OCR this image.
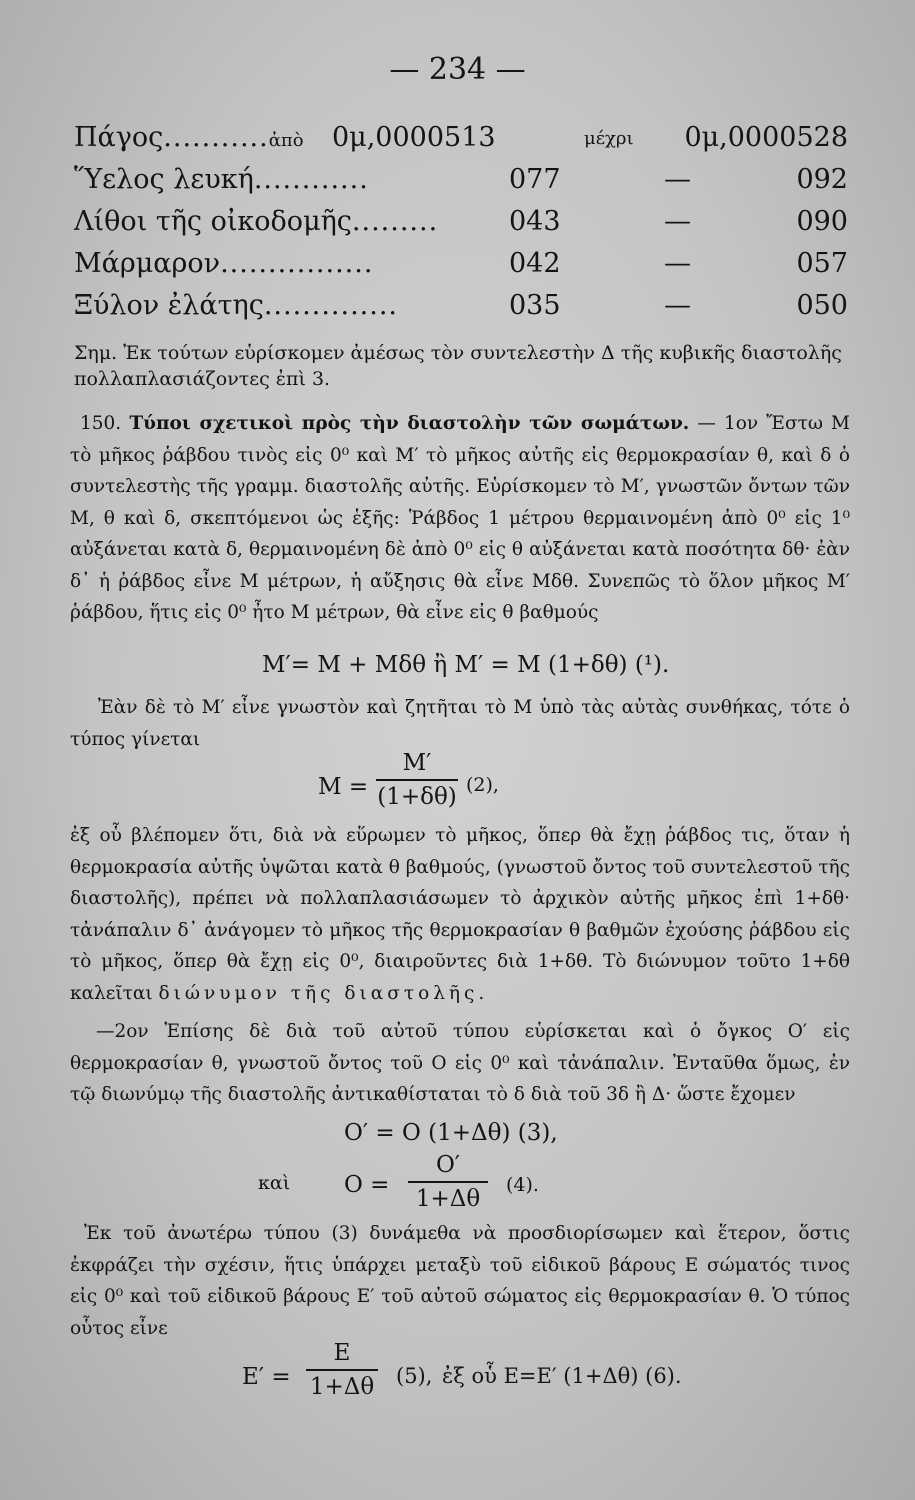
— 234 —
Πάγος...........ἀπὸ 0μ,0000513	μέχρι 0μ,0000528
Ὕελος λευκή............	077	—	092
Λίθοι τῆς οἰκοδομῆς.........	043	—	090
Μάρμαρον................	042	—	057
Ξύλον ἐλάτης..............	035	—	050
Σημ. Ἐκ τούτων εὑρίσκομεν ἀμέσως τὸν συντελεστὴν Δ τῆς κυβικῆς διαστολῆς πολλαπλασιάζοντες ἐπὶ 3.
150. Τύποι σχετικοὶ πρὸς τὴν διαστολὴν τῶν σωμάτων. — 1ον Ἔστω Μ τὸ μῆκος ῥάβδου τινὸς εἰς 0⁰ καὶ Μ′ τὸ μῆκος αὐτῆς εἰς θερμοκρασίαν θ, καὶ δ ὁ συντελεστὴς τῆς γραμμ. διαστολῆς αὐτῆς. Εὑρίσκομεν τὸ Μ′, γνωστῶν ὄντων τῶν Μ, θ καὶ δ, σκεπτόμενοι ὡς ἑξῆς: Ῥάβδος 1 μέτρου θερμαινομένη ἀπὸ 0⁰ εἰς 1⁰ αὐξάνεται κατὰ δ, θερμαινομένη δὲ ἀπὸ 0⁰ εἰς θ αὐξάνεται κατὰ ποσότητα δθ· ἐὰν δ᾽ ἡ ῥάβδος εἶνε Μ μέτρων, ἡ αὔξησις θὰ εἶνε Μδθ. Συνεπῶς τὸ ὅλον μῆκος Μ′ ῥάβδου, ἥτις εἰς 0⁰ ἦτο Μ μέτρων, θὰ εἶνε εἰς θ βαθμούς
Μ′= Μ + Μδθ ἢ Μ′ = Μ (1+δθ) (¹).
Ἐὰν δὲ τὸ Μ′ εἶνε γνωστὸν καὶ ζητῆται τὸ Μ ὑπὸ τὰς αὐτὰς συνθήκας, τότε ὁ τύπος γίνεται
Μ =
Μ′
(1+δθ) (2),
ἐξ οὗ βλέπομεν ὅτι, διὰ νὰ εὕρωμεν τὸ μῆκος, ὅπερ θὰ ἔχῃ ῥάβδος τις, ὅταν ἡ θερμοκρασία αὐτῆς ὑψῶται κατὰ θ βαθμούς, (γνωστοῦ ὄντος τοῦ συντελεστοῦ τῆς διαστολῆς), πρέπει νὰ πολλαπλασιάσωμεν τὸ ἀρχικὸν αὐτῆς μῆκος ἐπὶ 1+δθ· τἀνάπαλιν δ᾽ ἀνάγομεν τὸ μῆκος τῆς θερμοκρασίαν θ βαθμῶν ἐχούσης ῥάβδου εἰς τὸ μῆκος, ὅπερ θὰ ἔχῃ εἰς 0⁰, διαιροῦντες διὰ 1+δθ. Τὸ διώνυμον τοῦτο 1+δθ καλεῖται διώνυμον τῆς διαστολῆς.
—2ον Ἐπίσης δὲ διὰ τοῦ αὐτοῦ τύπου εὑρίσκεται καὶ ὁ ὄγκος Ο′ εἰς θερμοκρασίαν θ, γνωστοῦ ὄντος τοῦ Ο εἰς 0⁰ καὶ τἀνάπαλιν. Ἐνταῦθα ὅμως, ἐν τῷ διωνύμῳ τῆς διαστολῆς ἀντικαθίσταται τὸ δ διὰ τοῦ 3δ ἢ Δ· ὥστε ἔχομεν
Ο′ = Ο (1+Δθ) (3),
καὶ Ο =
Ο′
1+Δθ
(4).
Ἐκ τοῦ ἀνωτέρω τύπου (3) δυνάμεθα νὰ προσδιορίσωμεν καὶ ἕτερον, ὅστις ἐκφράζει τὴν σχέσιν, ἥτις ὑπάρχει μεταξὺ τοῦ εἰδικοῦ βάρους Ε σώματός τινος εἰς 0⁰ καὶ τοῦ εἰδικοῦ βάρους Ε′ τοῦ αὐτοῦ σώματος εἰς θερμοκρασίαν θ. Ὁ τύπος οὗτος εἶνε
Ε′ =
Ε
1+Δθ (5), ἐξ οὗ Ε=Ε′ (1+Δθ) (6).
